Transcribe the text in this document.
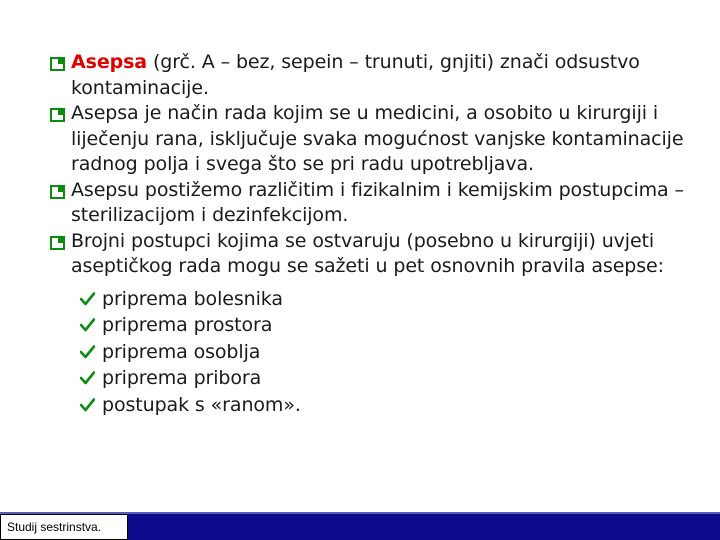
Asepsa (grč. A – bez, sepein – trunuti, gnjiti) znači odsustvo kontaminacije.
Asepsa je način rada kojim se u medicini, a osobito u kirurgiji i liječenju rana, isključuje svaka mogućnost vanjske kontaminacije radnog polja i svega što se pri radu upotrebljava.
Asepsu postižemo različitim i fizikalnim i kemijskim postupcima – sterilizacijom i dezinfekcijom.
Brojni postupci kojima se ostvaruju (posebno u kirurgiji) uvjeti aseptičkog rada mogu se sažeti u pet osnovnih pravila asepse:
priprema bolesnika
priprema prostora
priprema osoblja
priprema pribora
postupak s «ranom».
Studij sestrinstva.
